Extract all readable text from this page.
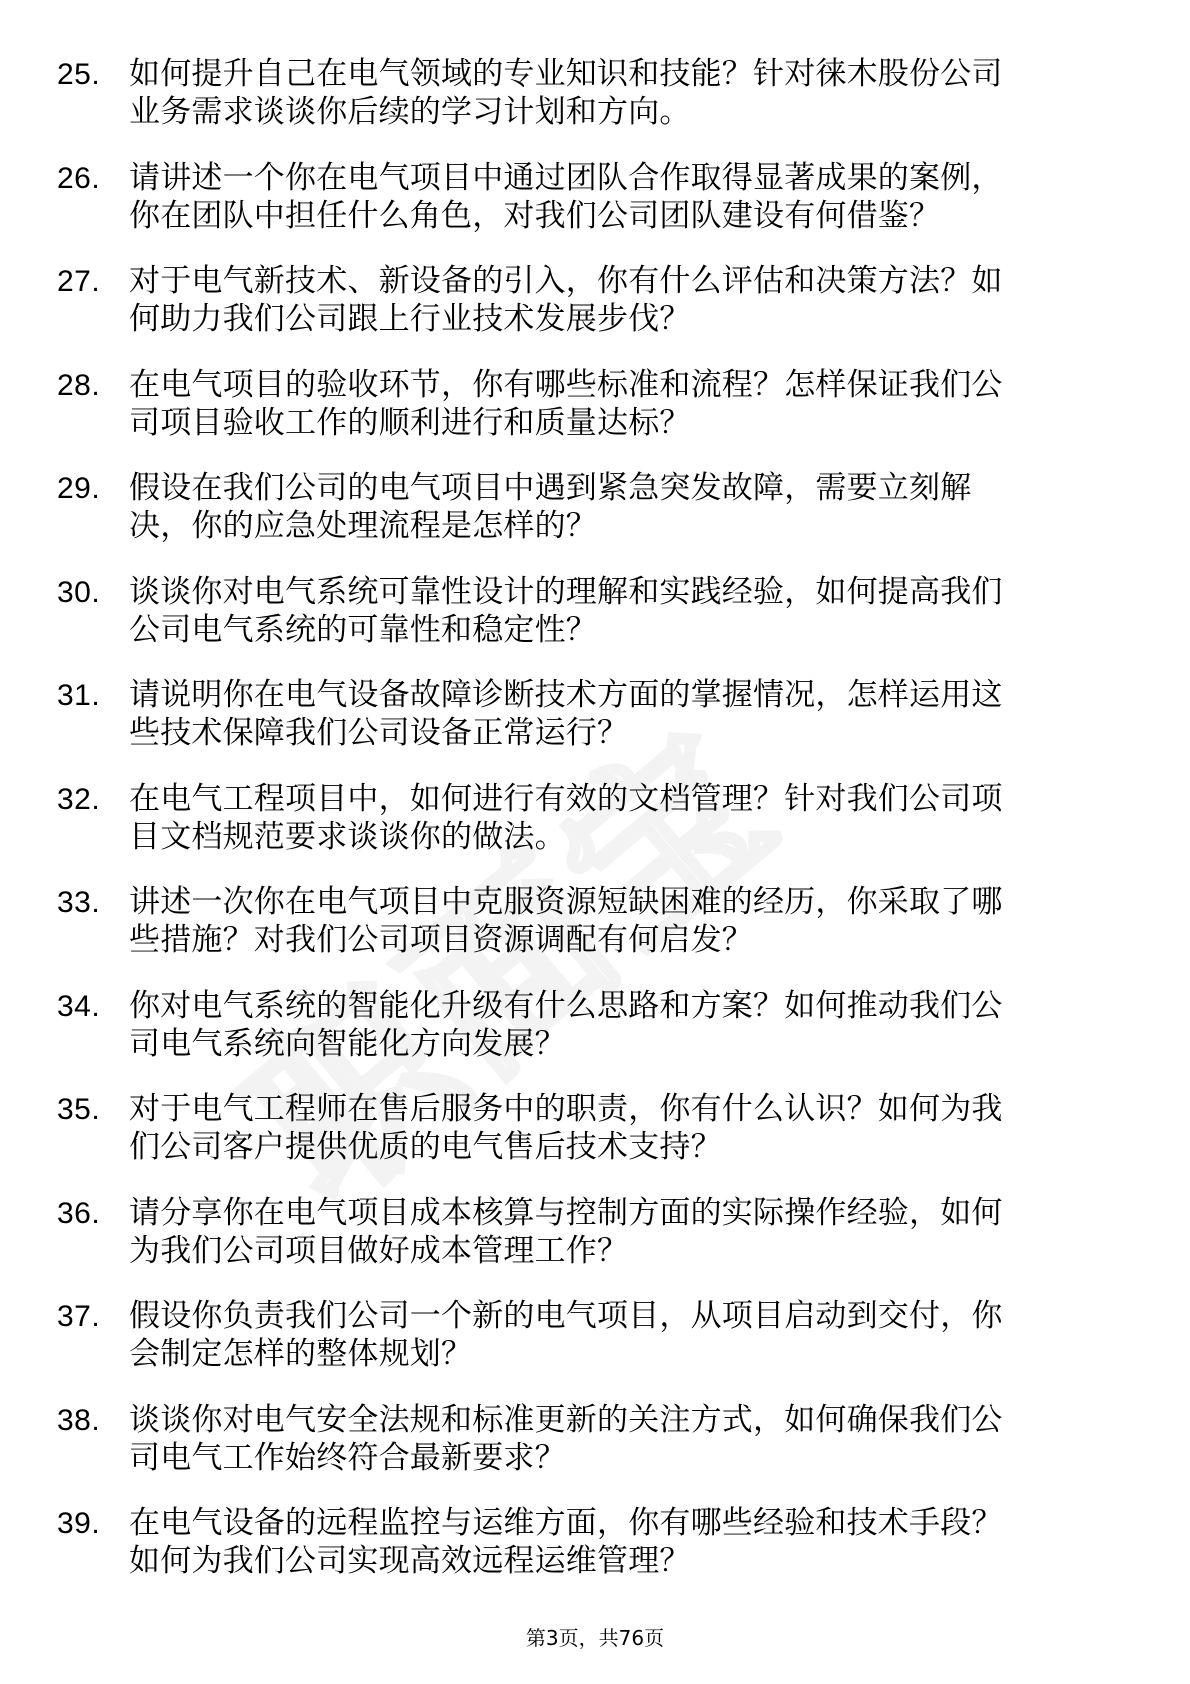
25. 如何提升自己在电气领域的专业知识和技能？针对徕木股份公司
业务需求谈谈你后续的学习计划和方向。
26. 请讲述一个你在电气项目中通过团队合作取得显著成果的案例，
你在团队中担任什么角色，对我们公司团队建设有何借鉴？
27. 对于电气新技术、新设备的引入，你有什么评估和决策方法？如
何助力我们公司跟上行业技术发展步伐？
28. 在电气项目的验收环节，你有哪些标准和流程？怎样保证我们公
司项目验收工作的顺利进行和质量达标？
29. 假设在我们公司的电气项目中遇到紧急突发故障，需要立刻解
决，你的应急处理流程是怎样的？
30. 谈谈你对电气系统可靠性设计的理解和实践经验，如何提高我们
公司电气系统的可靠性和稳定性？
31. 请说明你在电气设备故障诊断技术方面的掌握情况，怎样运用这
些技术保障我们公司设备正常运行？
32. 在电气工程项目中，如何进行有效的文档管理？针对我们公司项
目文档规范要求谈谈你的做法。
33. 讲述一次你在电气项目中克服资源短缺困难的经历，你采取了哪
些措施？对我们公司项目资源调配有何启发？
34. 你对电气系统的智能化升级有什么思路和方案？如何推动我们公
司电气系统向智能化方向发展？
35. 对于电气工程师在售后服务中的职责，你有什么认识？如何为我
们公司客户提供优质的电气售后技术支持？
36. 请分享你在电气项目成本核算与控制方面的实际操作经验，如何
为我们公司项目做好成本管理工作？
37. 假设你负责我们公司一个新的电气项目，从项目启动到交付，你
会制定怎样的整体规划？
38. 谈谈你对电气安全法规和标准更新的关注方式，如何确保我们公
司电气工作始终符合最新要求？
39. 在电气设备的远程监控与运维方面，你有哪些经验和技术手段？
如何为我们公司实现高效远程运维管理？
第3页，共76页
